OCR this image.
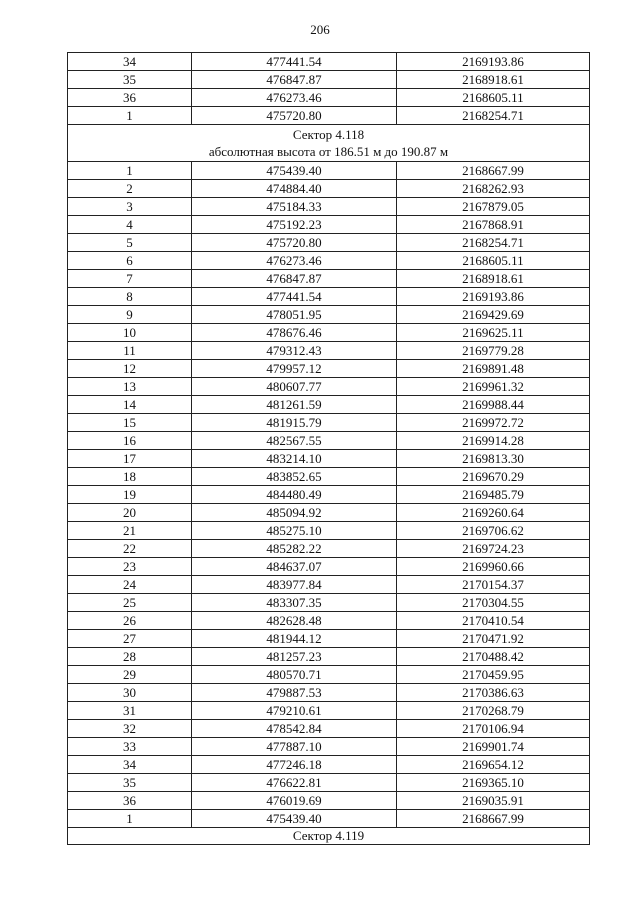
206
34	477441.54	2169193.86
35	476847.87	2168918.61
36	476273.46	2168605.11
1	475720.80	2168254.71

Сектор 4.118
абсолютная высота от 186.51 м до 190.87 м		

1	475439.40	2168667.99
2	474884.40	2168262.93
3	475184.33	2167879.05
4	475192.23	2167868.91
5	475720.80	2168254.71
6	476273.46	2168605.11
7	476847.87	2168918.61
8	477441.54	2169193.86
9	478051.95	2169429.69
10	478676.46	2169625.11
11	479312.43	2169779.28
12	479957.12	2169891.48
13	480607.77	2169961.32
14	481261.59	2169988.44
15	481915.79	2169972.72
16	482567.55	2169914.28
17	483214.10	2169813.30
18	483852.65	2169670.29
19	484480.49	2169485.79
20	485094.92	2169260.64
21	485275.10	2169706.62
22	485282.22	2169724.23
23	484637.07	2169960.66
24	483977.84	2170154.37
25	483307.35	2170304.55
26	482628.48	2170410.54
27	481944.12	2170471.92
28	481257.23	2170488.42
29	480570.71	2170459.95
30	479887.53	2170386.63
31	479210.61	2170268.79
32	478542.84	2170106.94
33	477887.10	2169901.74
34	477246.18	2169654.12
35	476622.81	2169365.10
36	476019.69	2169035.91
1	475439.40	2168667.99
Сектор 4.119		
